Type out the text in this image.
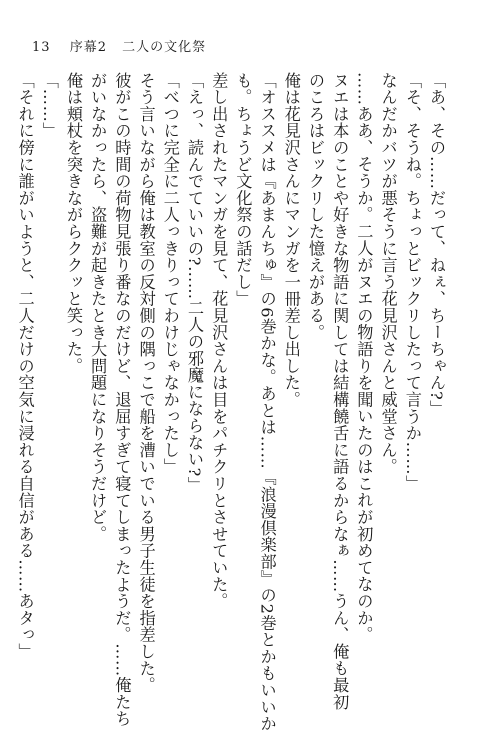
13 序幕2 二人の文化祭
「あ、その……だって、ねぇ、ちーちゃん?」
「そ、そうね。ちょっとビックリしたって言うか……」
なんだかバツが悪そうに言う花見沢さんと威堂さん。
……ああ、そうか。二人がヌエの物語りを聞いたのはこれが初めてなのか。
ヌエは本のことや好きな物語に関しては結構饒舌に語るからなぁ……うん、俺も最初
のころはビックリした憶えがある。
俺は花見沢さんにマンガを一冊差し出した。
「オススメは『あまんちゅ』の6巻かな。あとは……『浪漫倶楽部』の2巻とかもいいか
も。ちょうど文化祭の話だし」
差し出されたマンガを見て、花見沢さんは目をパチクリとさせていた。
「えっ、読んでていいの?……二人の邪魔にならない?」
「べつに完全に二人っきりってわけじゃなかったし」
そう言いながら俺は教室の反対側の隅っこで船を漕いでいる男子生徒を指差した。
彼がこの時間の荷物見張り番なのだけど、退屈すぎて寝てしまったようだ。……俺たち
がいなかったら、盗難が起きたとき大問題になりそうだけど。
俺は頬杖を突きながらククッと笑った。
「……」
「それに傍に誰がいようと、二人だけの空気に浸れる自信がある……あタっ」
